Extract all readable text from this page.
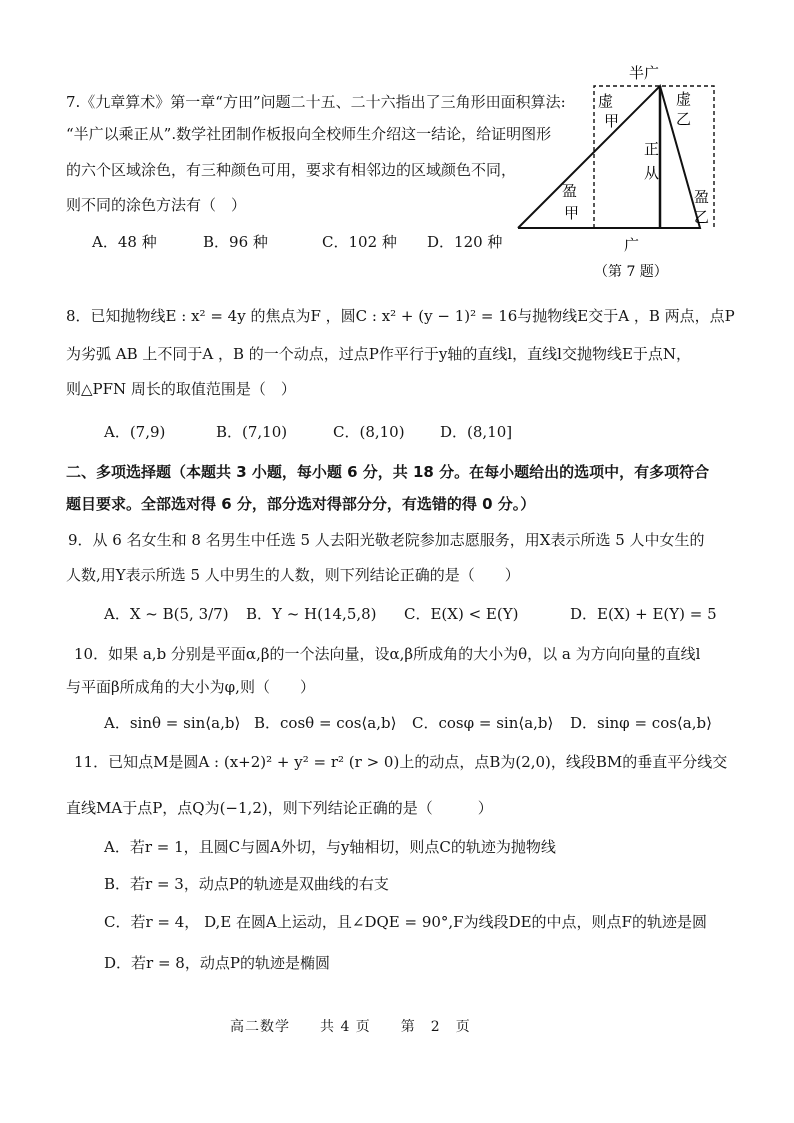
7.《九章算术》第一章“方田”问题二十五、二十六指出了三角形田面积算法:
“半广以乘正从”.数学社团制作板报向全校师生介绍这一结论，给证明图形
的六个区域涂色，有三种颜色可用，要求有相邻边的区域颜色不同，
则不同的涂色方法有（　）
A．48 种	B．96 种	C．102 种 D．120 种
半广
虚
甲
虚
乙
正
从
盈
甲
盈
乙
广
（第 7 题）
8．已知抛物线E : x² = 4y 的焦点为F ，圆C : x² + (y − 1)² = 16与抛物线E交于A ，B 两点，点P
为劣弧 AB 上不同于A ，B 的一个动点，过点P作平行于y轴的直线l，直线l交抛物线E于点N，
则△PFN 周长的取值范围是（　）
A．(7,9)	B．(7,10)	C．(8,10) D．(8,10]
二、多项选择题（本题共 3 小题，每小题 6 分，共 18 分。在每小题给出的选项中，有多项符合
题目要求。全部选对得 6 分，部分选对得部分分，有选错的得 0 分。）
9．从 6 名女生和 8 名男生中任选 5 人去阳光敬老院参加志愿服务，用X表示所选 5 人中女生的
人数,用Y表示所选 5 人中男生的人数，则下列结论正确的是（　　）
A．X ~ B(5, 3/7) B．Y ~ H(14,5,8) C．E(X) < E(Y)	D．E(X) + E(Y) = 5
10．如果 a,b 分别是平面α,β的一个法向量，设α,β所成角的大小为θ，以 a 为方向向量的直线l
与平面β所成角的大小为φ,则（　　）
A．sinθ = sin⟨a,b⟩ B．cosθ = cos⟨a,b⟩ C．cosφ = sin⟨a,b⟩ D．sinφ = cos⟨a,b⟩
11．已知点M是圆A : (x+2)² + y² = r² (r > 0)上的动点，点B为(2,0)，线段BM的垂直平分线交
直线MA于点P，点Q为(−1,2)，则下列结论正确的是（　　　）
A．若r = 1，且圆C与圆A外切，与y轴相切，则点C的轨迹为抛物线
B．若r = 3，动点P的轨迹是双曲线的右支
C．若r = 4， D,E 在圆A上运动，且∠DQE = 90°,F为线段DE的中点，则点F的轨迹是圆
D．若r = 8，动点P的轨迹是椭圆
高二数学　　共 4 页　　第　2　页
